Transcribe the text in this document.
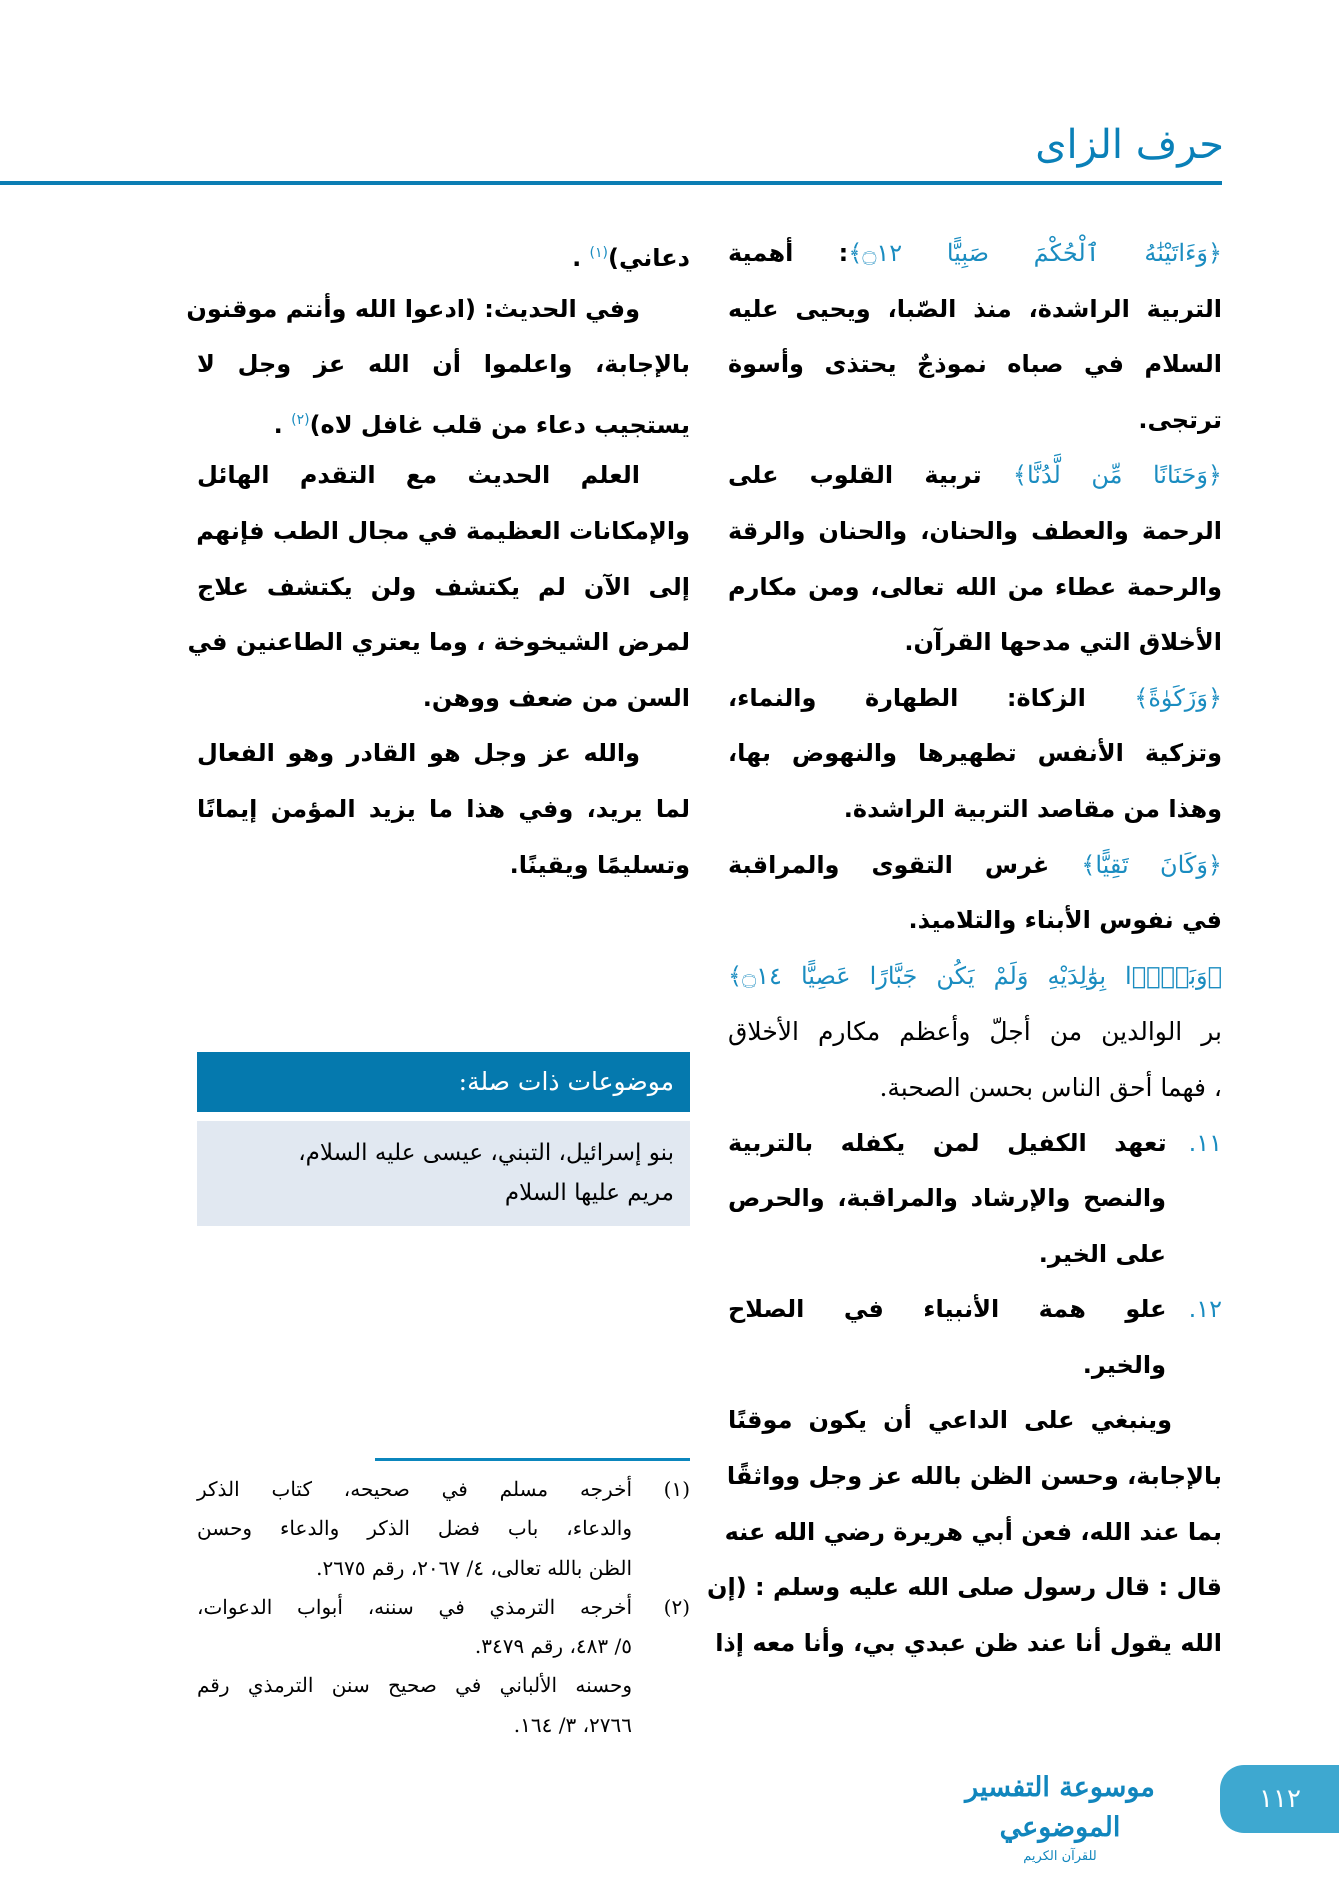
حرف الزاى
﴿وَءَاتَيْنَٰهُ ٱلْحُكْمَ صَبِيًّا ۝١٢﴾: أهمية
التربية الراشدة، منذ الصّبا، ويحيى عليه
السلام في صباه نموذجٌ يحتذى وأسوة
ترتجى.
﴿وَحَنَانًا مِّن لَّدُنَّا﴾ تربية القلوب على
الرحمة والعطف والحنان، والحنان والرقة
والرحمة عطاء من الله تعالى، ومن مكارم
الأخلاق التي مدحها القرآن.
﴿وَزَكَوٰةً﴾ الزكاة: الطهارة والنماء،
وتزكية الأنفس تطهيرها والنهوض بها،
وهذا من مقاصد التربية الراشدة.
﴿وَكَانَ تَقِيًّا﴾ غرس التقوى والمراقبة
في نفوس الأبناء والتلاميذ.
﴿وَبَرًّۢا بِوَٰلِدَيْهِ وَلَمْ يَكُن جَبَّارًا عَصِيًّا ۝١٤﴾
بر الوالدين من أجلّ وأعظم مكارم الأخلاق
، فهما أحق الناس بحسن الصحبة.
١١.تعهد الكفيل لمن يكفله بالتربية
والنصح والإرشاد والمراقبة، والحرص
على الخير.
١٢.علو همة الأنبياء في الصلاح
والخير.
وينبغي على الداعي أن يكون موقنًا
بالإجابة، وحسن الظن بالله عز وجل وواثقًا
بما عند الله، فعن أبي هريرة رضي الله عنه
قال : قال رسول صلى الله عليه وسلم : (إن
الله يقول أنا عند ظن عبدي بي، وأنا معه إذا
دعاني)$^{(١)}$ .
وفي الحديث: (ادعوا الله وأنتم موقنون
بالإجابة، واعلموا أن الله عز وجل لا
يستجيب دعاء من قلب غافل لاه)$^{(٢)}$ .
العلم الحديث مع التقدم الهائل
والإمكانات العظيمة في مجال الطب فإنهم
إلى الآن لم يكتشف ولن يكتشف علاج
لمرض الشيخوخة ، وما يعتري الطاعنين في
السن من ضعف ووهن.
والله عز وجل هو القادر وهو الفعال
لما يريد، وفي هذا ما يزيد المؤمن إيمانًا
وتسليمًا ويقينًا.
موضوعات ذات صلة:
بنو إسرائيل، التبني، عيسى عليه السلام،
مريم عليها السلام
(١)
أخرجه مسلم في صحيحه، كتاب الذكر
والدعاء، باب فضل الذكر والدعاء وحسن
الظن بالله تعالى، ٤/ ٢٠٦٧، رقم ٢٦٧٥.
(٢)
أخرجه الترمذي في سننه، أبواب الدعوات،
٥/ ٤٨٣، رقم ٣٤٧٩.
وحسنه الألباني في صحيح سنن الترمذي رقم
٢٧٦٦، ٣/ ١٦٤.
موسوعة التفسير الموضوعي
للقرآن الكريم
١١٢
